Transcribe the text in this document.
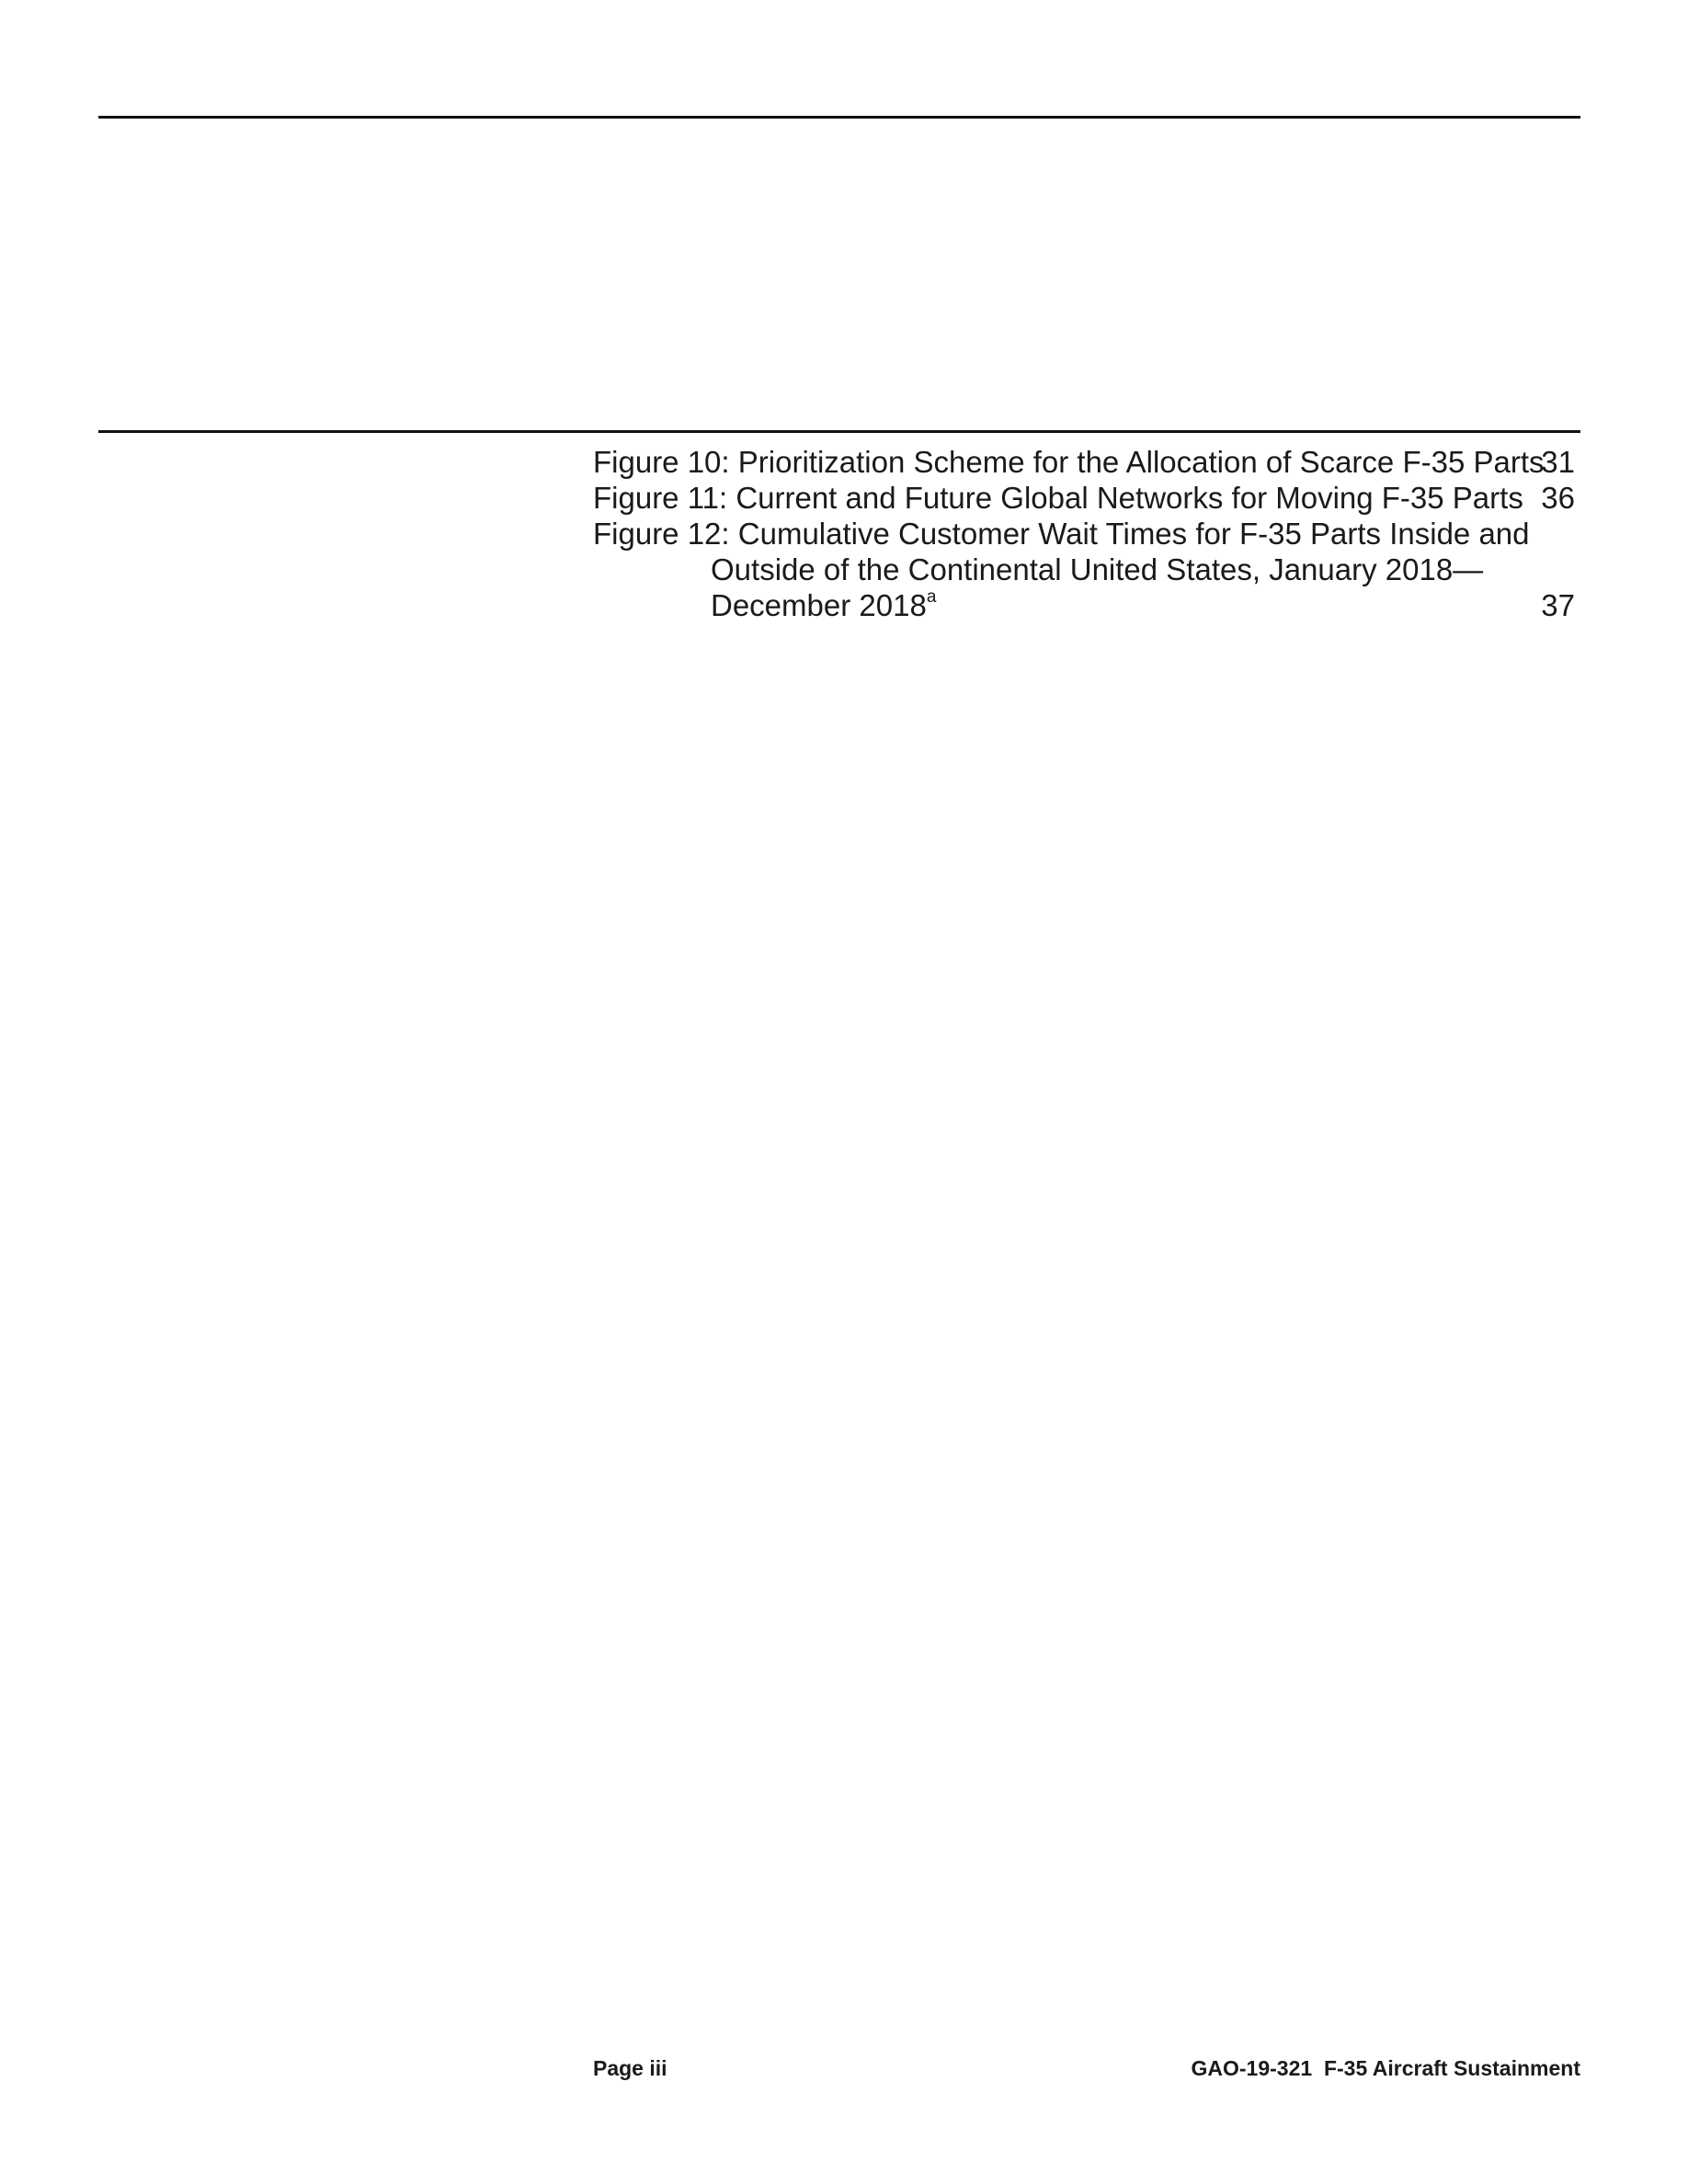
Figure 10: Prioritization Scheme for the Allocation of Scarce F-35 Parts
31
Figure 11: Current and Future Global Networks for Moving F-35 Parts 36
Figure 12: Cumulative Customer Wait Times for F-35 Parts Inside and Outside of the Continental United States, January 2018—December 2018$^a$	37
Page iii	GAO-19-321  F-35 Aircraft Sustainment
